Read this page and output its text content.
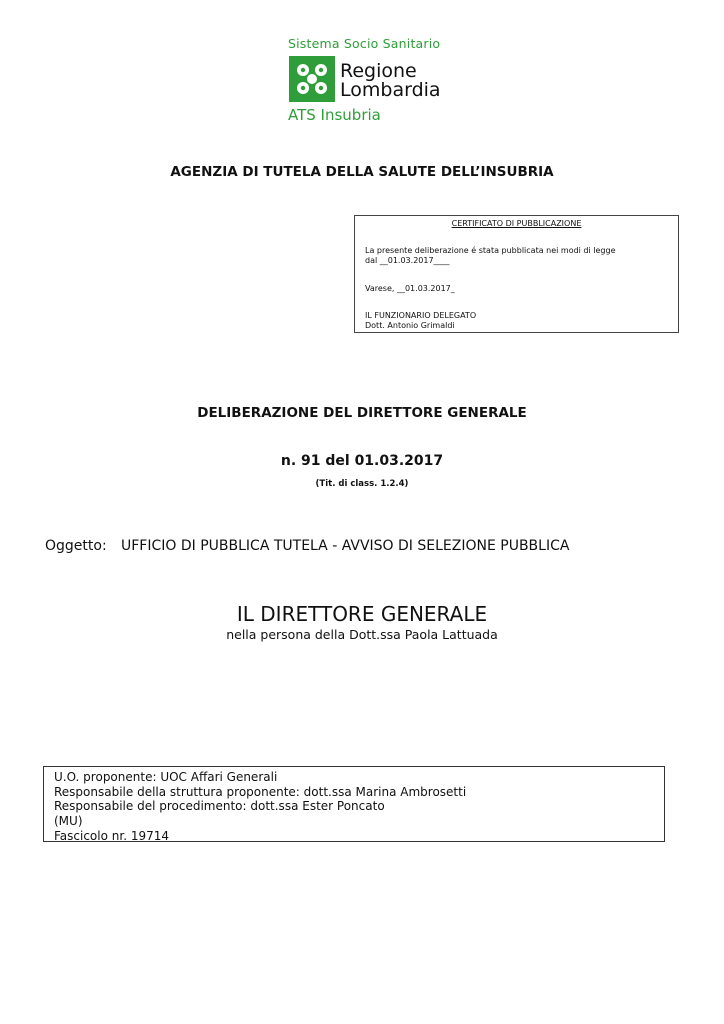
Sistema Socio Sanitario
Regione
Lombardia
ATS Insubria
AGENZIA DI TUTELA DELLA SALUTE DELL’INSUBRIA
CERTIFICATO DI PUBBLICAZIONE
La presente deliberazione é stata pubblicata nei modi di legge
dal __01.03.2017____
Varese, __01.03.2017_
IL FUNZIONARIO DELEGATO
Dott. Antonio Grimaldi
DELIBERAZIONE DEL DIRETTORE GENERALE
n. 91 del 01.03.2017
(Tit. di class. 1.2.4)
Oggetto: UFFICIO DI PUBBLICA TUTELA - AVVISO DI SELEZIONE PUBBLICA
IL DIRETTORE GENERALE
nella persona della Dott.ssa Paola Lattuada
U.O. proponente: UOC Affari Generali
Responsabile della struttura proponente: dott.ssa Marina Ambrosetti
Responsabile del procedimento: dott.ssa Ester Poncato
(MU)
Fascicolo nr. 19714
